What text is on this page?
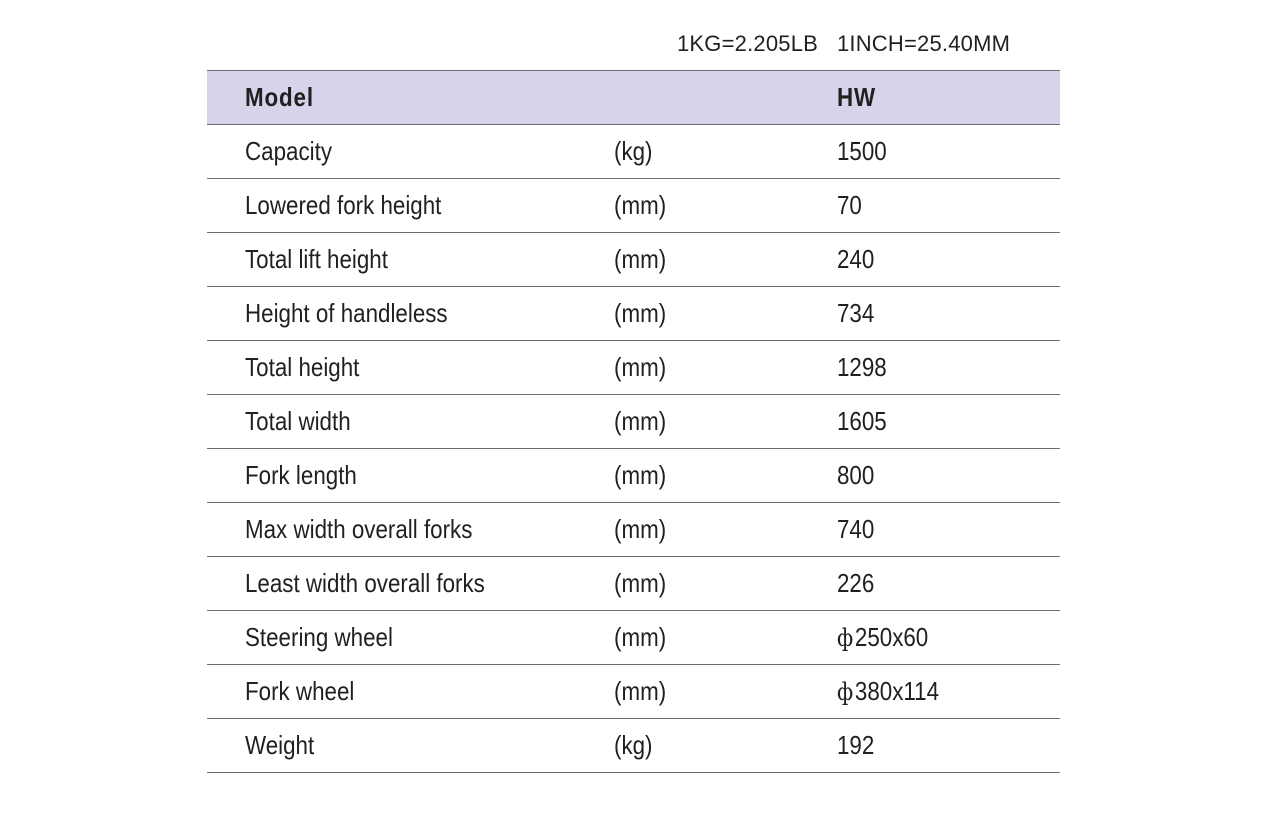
1KG=2.205LB   1INCH=25.40MM
Model		HW
Capacity	(kg)	1500
Lowered fork height	(mm)	70
Total lift height	(mm)	240
Height of handleless	(mm)	734
Total height	(mm)	1298
Total width	(mm)	1605
Fork length	(mm)	800
Max width overall forks	(mm)	740
Least width overall forks	(mm)	226
Steering wheel	(mm)	ф250x60
Fork wheel	(mm)	ф380x114
Weight	(kg)	192
